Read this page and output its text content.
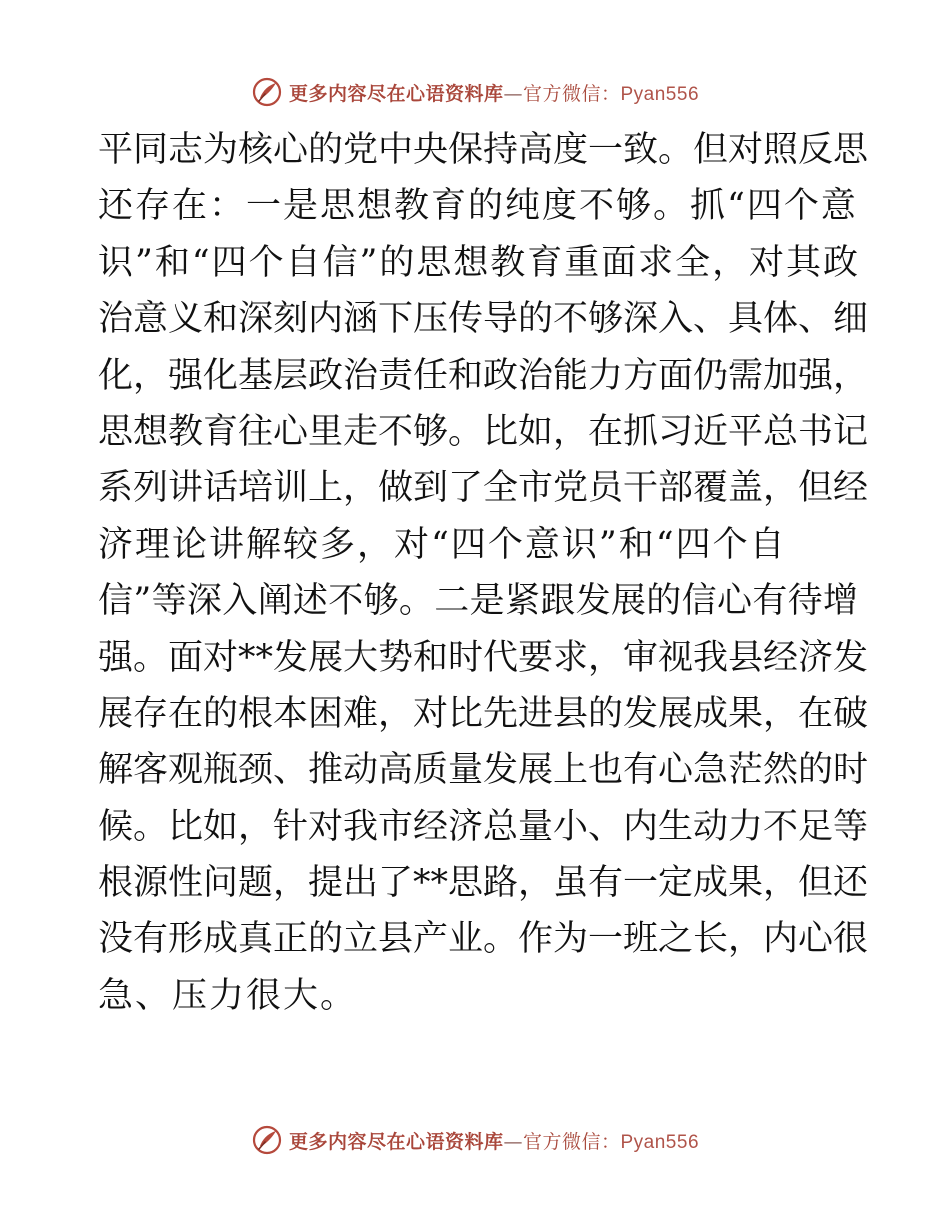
更多内容尽在心语资料库—官方微信：Pyan556
平同志为核心的党中央保持高度一致。但对照反思
还存在：一是思想教育的纯度不够。抓“四个意
识”和“四个自信”的思想教育重面求全，对其政
治意义和深刻内涵下压传导的不够深入、具体、细
化，强化基层政治责任和政治能力方面仍需加强，
思想教育往心里走不够。比如，在抓习近平总书记
系列讲话培训上，做到了全市党员干部覆盖，但经
济理论讲解较多，对“四个意识”和“四个自
信”等深入阐述不够。二是紧跟发展的信心有待增
强。面对**发展大势和时代要求，审视我县经济发
展存在的根本困难，对比先进县的发展成果，在破
解客观瓶颈、推动高质量发展上也有心急茫然的时
候。比如，针对我市经济总量小、内生动力不足等
根源性问题，提出了**思路，虽有一定成果，但还
没有形成真正的立县产业。作为一班之长，内心很
急、压力很大。
更多内容尽在心语资料库—官方微信：Pyan556
